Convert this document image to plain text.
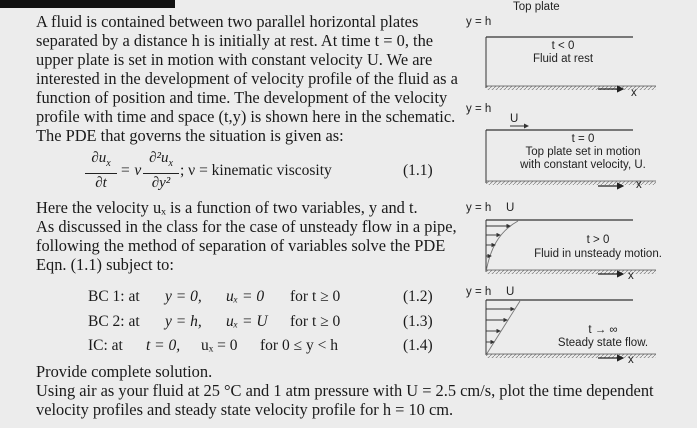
A fluid is contained between two parallel horizontal plates
separated by a distance h is initially at rest. At time t = 0, the
upper plate is set in motion with constant velocity U. We are
interested in the development of velocity profile of the fluid as a
function of position and time. The development of the velocity
profile with time and space (t,y) is shown here in the schematic.
The PDE that governs the situation is given as:
$\partial u_x$
∂t
= ν
$\partial^2u_x$
∂y²
; ν = kinematic viscosity	(1.1)
Here the velocity uₓ is a function of two variables, y and t.
As discussed in the class for the case of unsteady flow in a pipe,
following the method of separation of variables solve the PDE
Eqn. (1.1) subject to:
BC 1: at y = 0, uₓ = 0 for t ≥ 0	(1.2)
BC 2: at y = h, uₓ = U for t ≥ 0	(1.3)
IC: at t = 0, uₓ = 0 for 0 ≤ y < h	(1.4)
Provide complete solution.
Using air as your fluid at 25 °C and 1 atm pressure with U = 2.5 cm/s, plot the time dependent
velocity profiles and steady state velocity profile for h = 10 cm.
Top plate
y = h
t < 0
Fluid at rest
x
y = h
U
t = 0
Top plate set in motion
with constant velocity, U.
x
y = h U
t > 0
Fluid in unsteady motion.
x
y = h U
t → ∞
Steady state flow.
x
